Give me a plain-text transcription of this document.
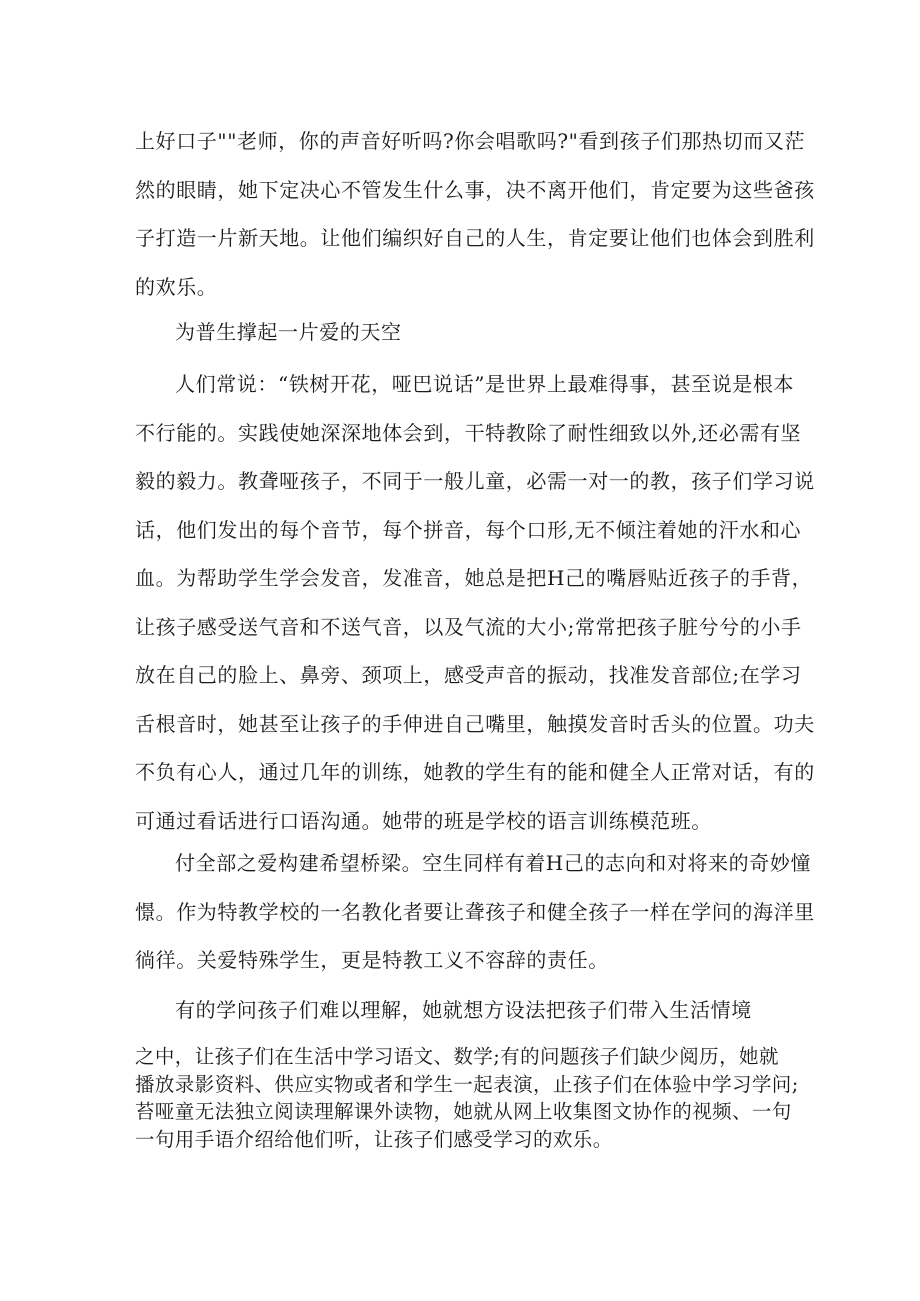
上好口子""老师，你的声音好听吗?你会唱歌吗?"看到孩子们那热切而又茫
然的眼睛，她下定决心不管发生什么事，决不离开他们，肯定要为这些爸孩
子打造一片新天地。让他们编织好自己的人生，肯定要让他们也体会到胜利
的欢乐。
为普生撑起一片爱的天空
人们常说：“铁树开花，哑巴说话”是世界上最难得事，甚至说是根本
不行能的。实践使她深深地体会到，干特教除了耐性细致以外,还必需有坚
毅的毅力。教聋哑孩子，不同于一般儿童，必需一对一的教，孩子们学习说
话，他们发出的每个音节，每个拼音，每个口形,无不倾注着她的汗水和心
血。为帮助学生学会发音，发准音，她总是把H己的嘴唇贴近孩子的手背，
让孩子感受送气音和不送气音，以及气流的大小;常常把孩子脏兮兮的小手
放在自己的脸上、鼻旁、颈项上，感受声音的振动，找准发音部位;在学习
舌根音时，她甚至让孩子的手伸进自己嘴里，触摸发音时舌头的位置。功夫
不负有心人，通过几年的训练，她教的学生有的能和健全人正常对话，有的
可通过看话进行口语沟通。她带的班是学校的语言训练模范班。
付全部之爱构建希望桥梁。空生同样有着H己的志向和对将来的奇妙憧
憬。作为特教学校的一名教化者要让聋孩子和健全孩子一样在学问的海洋里
徜徉。关爱特殊学生，更是特教工义不容辞的责任。
有的学问孩子们难以理解，她就想方设法把孩子们带入生活情境
之中，让孩子们在生活中学习语文、数学;有的问题孩子们缺少阅历，她就
播放录影资料、供应实物或者和学生一起表演，止孩子们在体验中学习学问;
苔哑童无法独立阅读理解课外读物，她就从网上收集图文协作的视频、一句
一句用手语介绍给他们听，让孩子们感受学习的欢乐。
